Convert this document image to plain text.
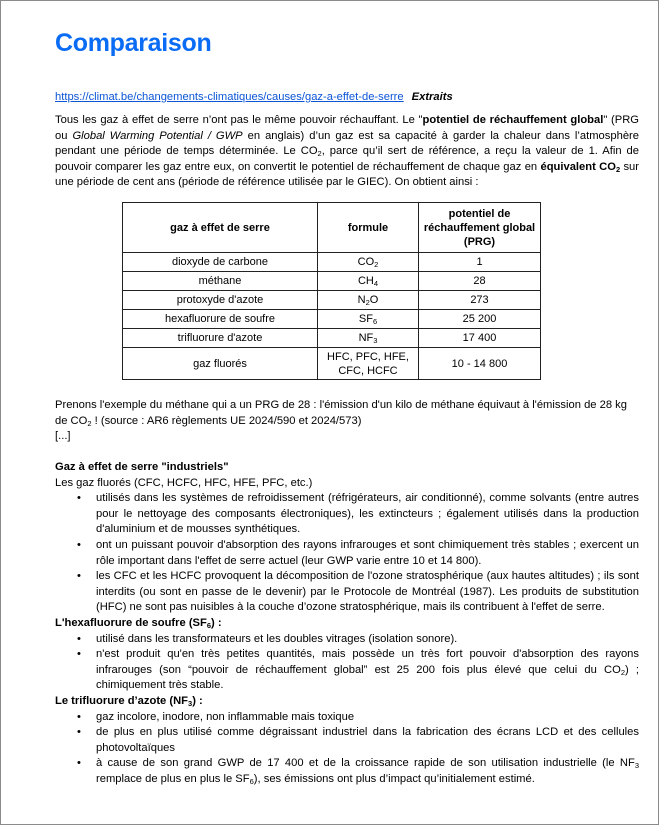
Comparaison
https://climat.be/changements-climatiques/causes/gaz-a-effet-de-serre Extraits

Tous les gaz à effet de serre n’ont pas le même pouvoir réchauffant. Le "potentiel de réchauffement global" (PRG ou Global Warming Potential / GWP en anglais) d’un gaz est sa capacité à garder la chaleur dans l’atmosphère pendant une période de temps déterminée. Le $CO_2$, parce qu’il sert de référence, a reçu la valeur de 1. Afin de pouvoir comparer les gaz entre eux, on convertit le potentiel de réchauffement de chaque gaz en équivalent $CO_2$ sur une période de cent ans (période de référence utilisée par le GIEC). On obtient ainsi :

gaz à effet de serre	formule	potentiel de réchauffement global (PRG)
dioxyde de carbone	$CO_2$	1
méthane	$CH_4$	28
protoxyde d'azote	$N_2O$	273
hexafluorure de soufre	$SF_6$	25 200
trifluorure d'azote	$NF_3$	17 400
gaz fluorés	HFC, PFC, HFE, CFC, HCFC	10 - 14 800
Prenons l'exemple du méthane qui a un PRG de 28 : l'émission d'un kilo de méthane équivaut à l'émission de 28 kg de $CO_2$ ! (source : AR6 règlements UE 2024/590 et 2024/573)
[...]
Gaz à effet de serre "industriels"
Les gaz fluorés (CFC, HCFC, HFC, HFE, PFC, etc.)
• utilisés dans les systèmes de refroidissement (réfrigérateurs, air conditionné), comme solvants (entre autres pour le nettoyage des composants électroniques), les extincteurs ; également utilisés dans la production d'aluminium et de mousses synthétiques.
• ont un puissant pouvoir d'absorption des rayons infrarouges et sont chimiquement très stables ; exercent un rôle important dans l'effet de serre actuel (leur GWP varie entre 10 et 14 800).
• les CFC et les HCFC provoquent la décomposition de l'ozone stratosphérique (aux hautes altitudes) ; ils sont interdits (ou sont en passe de le devenir) par le Protocole de Montréal (1987). Les produits de substitution (HFC) ne sont pas nuisibles à la couche d’ozone stratosphérique, mais ils contribuent à l'effet de serre.
L'hexafluorure de soufre $(SF_6)$ :
• utilisé dans les transformateurs et les doubles vitrages (isolation sonore).
• n'est produit qu'en très petites quantités, mais possède un très fort pouvoir d'absorption des rayons infrarouges (son “pouvoir de réchauffement global” est 25 200 fois plus élevé que celui du $CO_2$) ; chimiquement très stable.
Le trifluorure d’azote $(NF_3)$ :
• gaz incolore, inodore, non inflammable mais toxique
• de plus en plus utilisé comme dégraissant industriel dans la fabrication des écrans LCD et des cellules photovoltaïques
• à cause de son grand GWP de 17 400 et de la croissance rapide de son utilisation industrielle (le $NF_3$ remplace de plus en plus le $SF_6$), ses émissions ont plus d’impact qu’initialement estimé.
